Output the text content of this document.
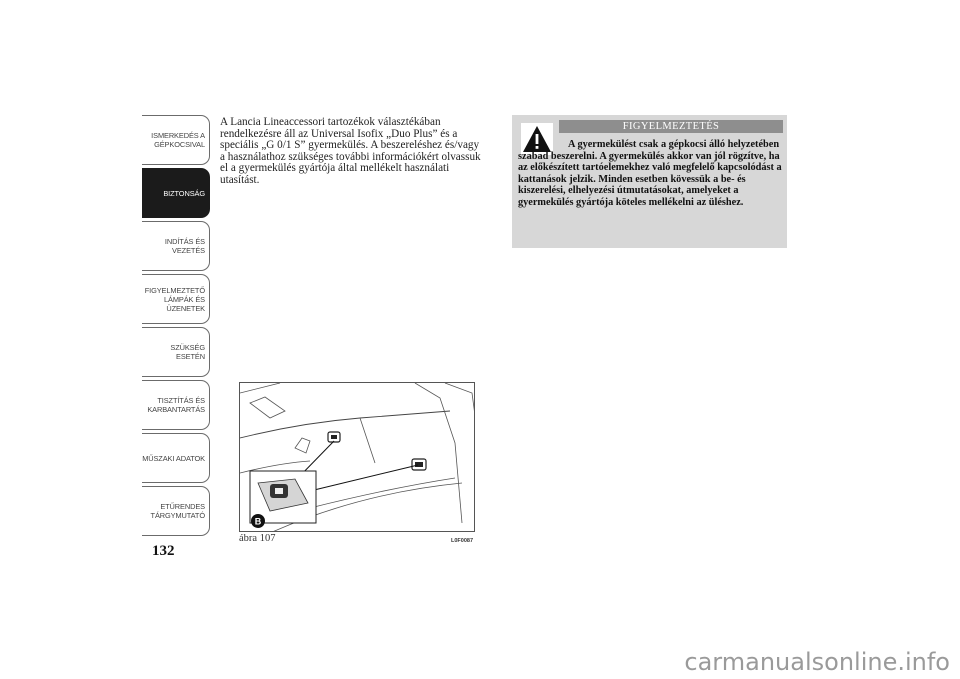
ISMERKEDÉS A
GÉPKOCSIVAL
BIZTONSÁG
INDÍTÁS ÉS
VEZETÉS
FIGYELMEZTETŐ
LÁMPÁK ÉS
ÜZENETEK
SZÜKSÉG ESETÉN
TISZTÍTÁS ÉS
KARBANTARTÁS
MŰSZAKI ADATOK
ETŰRENDES
TÁRGYMUTATÓ
132
A Lancia Lineaccessori tartozékok választékában rendelkezésre áll az Universal Isofix „Duo Plus” és a speciális „G 0/1 S” gyermekülés. A beszereléshez és/vagy a használathoz szükséges további információkért olvassuk el a gyermekülés gyártója által mellékelt használati utasítást.
FIGYELMEZTETÉS
A gyermekülést csak a gépkocsi álló helyzetében szabad beszerelni. A gyermekülés akkor van jól rögzítve, ha az előkészített tartóelemekhez való megfelelő kapcsolódást a kattanások jelzik. Minden esetben kövessük a be- és kiszerelési, elhelyezési útmutatásokat, amelyeket a gyermekülés gyártója köteles mellékelni az üléshez.
B
ábra 107	L0F0087
carmanualsonline.info
